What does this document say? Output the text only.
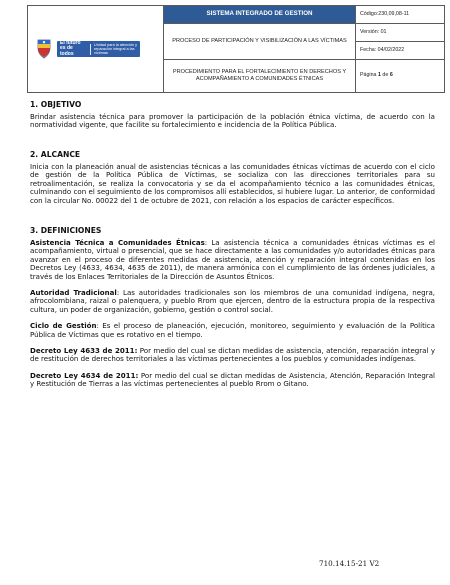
El futuro es de todos
Unidad para la atención y reparación integral a las víctimas	SISTEMA INTEGRADO DE GESTION	Código:230,09,08-11
	PROCESO DE PARTICIPACIÓN Y VISIBILIZACIÓN A LAS VÍCTIMAS	Versión: 01
		Fecha: 04/02/2022
	PROCEDIMIENTO PARA EL FORTALECIMIENTO EN DERECHOS Y ACOMPAÑAMIENTO A COMUNIDADES ÉTNICAS	Página 1 de 6
1. OBJETIVO

Brindar asistencia técnica para promover la participación de la población étnica víctima, de acuerdo con la normatividad vigente, que facilite su fortalecimiento e incidencia de la Política Pública.

2. ALCANCE

Inicia con la planeación anual de asistencias técnicas a las comunidades étnicas víctimas de acuerdo con el ciclo de gestión de la Política Pública de Víctimas, se socializa con las direcciones territoriales para su retroalimentación, se realiza la convocatoria y se da el acompañamiento técnico a las comunidades étnicas, culminando con el seguimiento de los compromisos allí establecidos, si hubiere lugar. Lo anterior, de conformidad con la circular No. 00022 del 1 de octubre de 2021, con relación a los espacios de carácter específicos.

3. DEFINICIONES

Asistencia Técnica a Comunidades Étnicas: La asistencia técnica a comunidades étnicas víctimas es el acompañamiento, virtual o presencial, que se hace directamente a las comunidades y/o autoridades étnicas para avanzar en el proceso de diferentes medidas de asistencia, atención y reparación integral contenidas en los Decretos Ley (4633, 4634, 4635 de 2011), de manera armónica con el cumplimiento de las órdenes judiciales, a través de los Enlaces Territoriales de la Dirección de Asuntos Étnicos.

Autoridad Tradicional: Las autoridades tradicionales son los miembros de una comunidad indígena, negra, afrocolombiana, raizal o palenquera, y pueblo Rrom que ejercen, dentro de la estructura propia de la respectiva cultura, un poder de organización, gobierno, gestión o control social.

Ciclo de Gestión: Es el proceso de planeación, ejecución, monitoreo, seguimiento y evaluación de la Política Pública de Víctimas que es rotativo en el tiempo.

Decreto Ley 4633 de 2011: Por medio del cual se dictan medidas de asistencia, atención, reparación integral y de restitución de derechos territoriales a las víctimas pertenecientes a los pueblos y comunidades indígenas.

Decreto Ley 4634 de 2011: Por medio del cual se dictan medidas de Asistencia, Atención, Reparación Integral y Restitución de Tierras a las víctimas pertenecientes al pueblo Rrom o Gitano.

710.14.15-21 V2
